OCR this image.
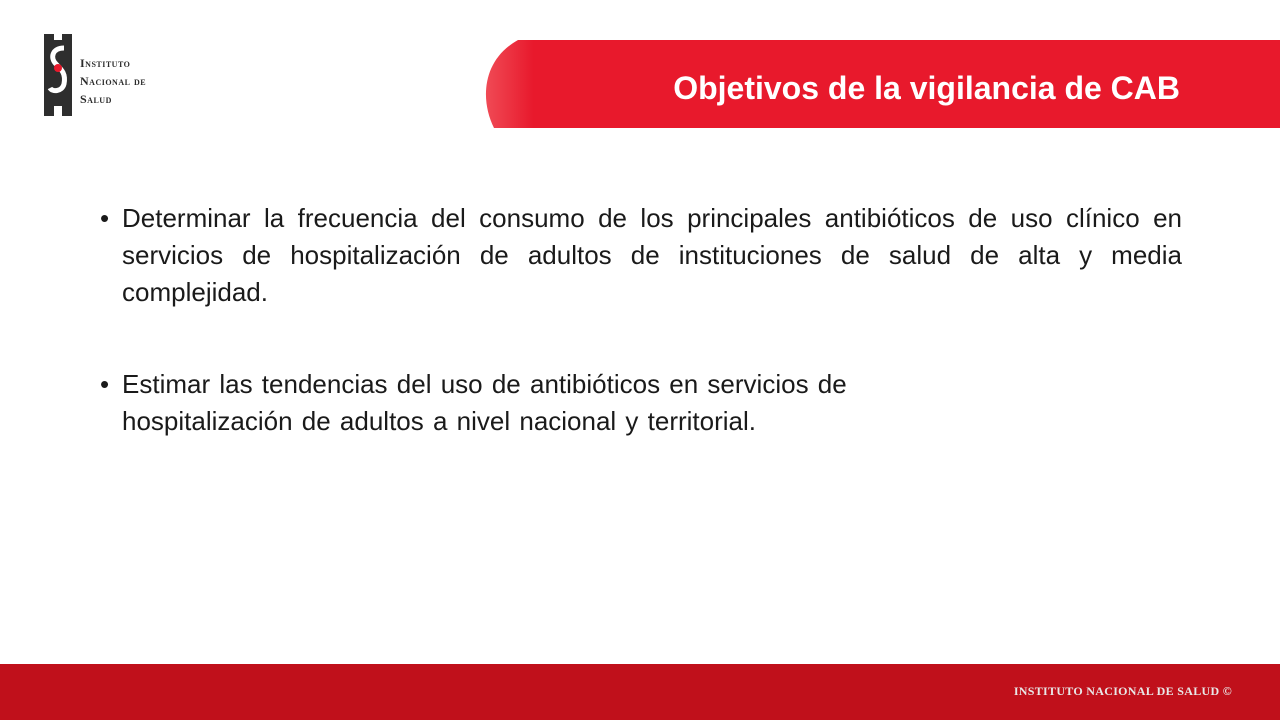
Instituto
Nacional de
Salud	Objetivos de la vigilancia de CAB
• Determinar la frecuencia del consumo de los principales antibióticos de uso clínico en servicios de hospitalización de adultos de instituciones de salud de alta y media complejidad.
• Estimar las tendencias del uso de antibióticos en servicios de hospitalización de adultos a nivel nacional y territorial.
INSTITUTO NACIONAL DE SALUD ©
